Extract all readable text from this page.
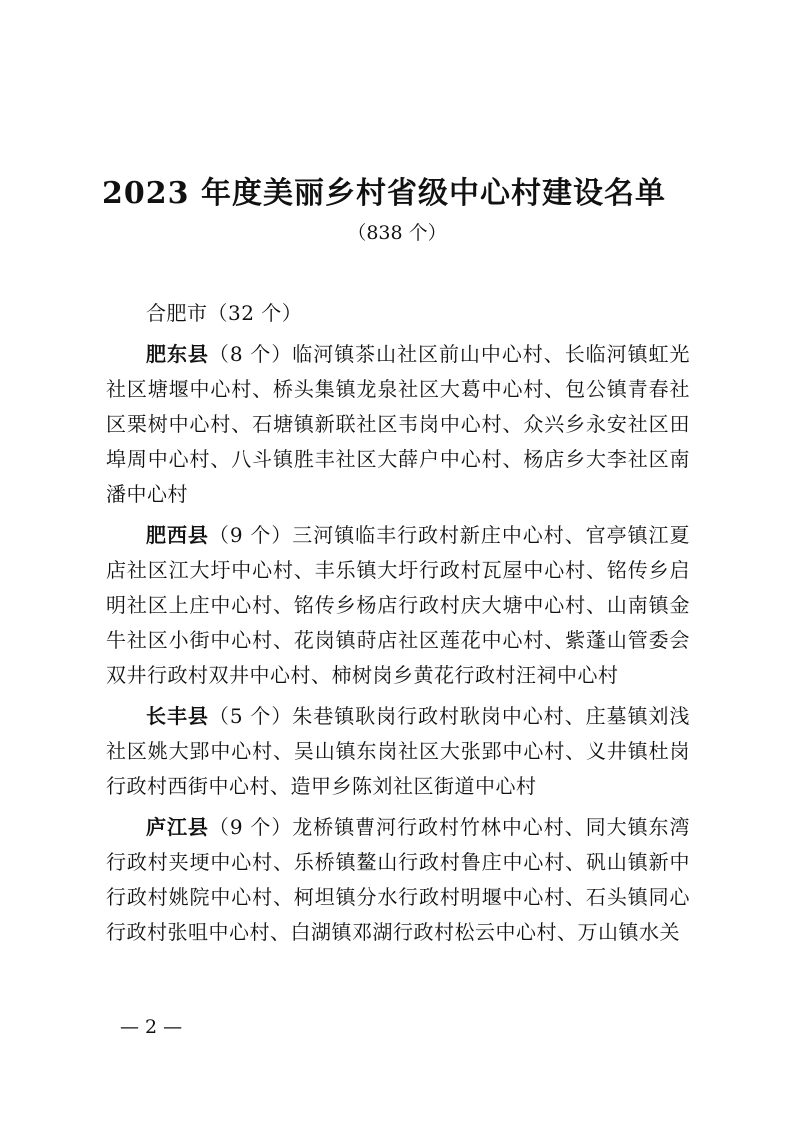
2023 年度美丽乡村省级中心村建设名单
（838 个）
合肥市（32 个）
肥东县（8 个）临河镇茶山社区前山中心村、长临河镇虹光社区塘堰中心村、桥头集镇龙泉社区大葛中心村、包公镇青春社区栗树中心村、石塘镇新联社区韦岗中心村、众兴乡永安社区田埠周中心村、八斗镇胜丰社区大薛户中心村、杨店乡大李社区南潘中心村
肥西县（9 个）三河镇临丰行政村新庄中心村、官亭镇江夏店社区江大圩中心村、丰乐镇大圩行政村瓦屋中心村、铭传乡启明社区上庄中心村、铭传乡杨店行政村庆大塘中心村、山南镇金牛社区小街中心村、花岗镇莳店社区莲花中心村、紫蓬山管委会双井行政村双井中心村、柿树岗乡黄花行政村汪祠中心村
长丰县（5 个）朱巷镇耿岗行政村耿岗中心村、庄墓镇刘浅社区姚大郢中心村、吴山镇东岗社区大张郢中心村、义井镇杜岗行政村西街中心村、造甲乡陈刘社区街道中心村
庐江县（9 个）龙桥镇曹河行政村竹林中心村、同大镇东湾行政村夹埂中心村、乐桥镇鳌山行政村鲁庄中心村、矾山镇新中行政村姚院中心村、柯坦镇分水行政村明堰中心村、石头镇同心行政村张咀中心村、白湖镇邓湖行政村松云中心村、万山镇水关
— 2 —
